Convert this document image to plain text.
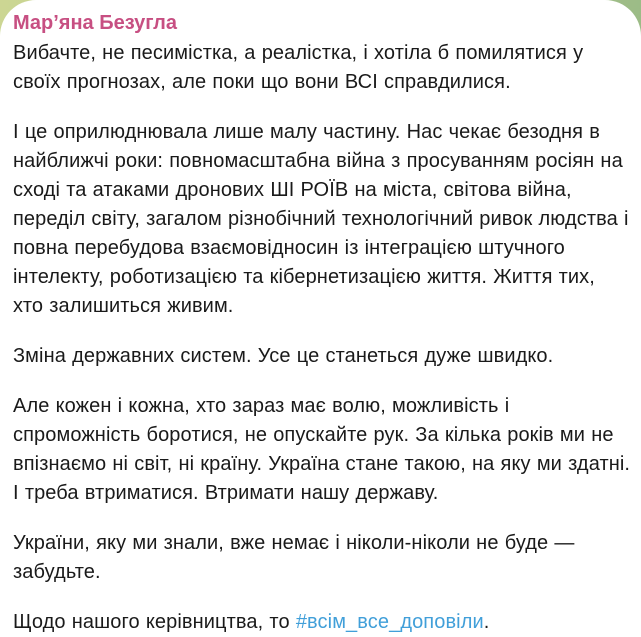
Мар’яна Безугла

Вибачте, не песимістка, а реалістка, і хотіла б помилятися у своїх прогнозах, але поки що вони ВСІ справдилися.

І це оприлюднювала лише малу частину. Нас чекає безодня в найближчі роки: повномасштабна війна з просуванням росіян на сході та атаками дронових ШІ РОЇВ на міста, світова війна, переділ світу, загалом різнобічний технологічний ривок людства і повна перебудова взаємовідносин із інтеграцією штучного інтелекту, роботизацією та кібернетизацією життя. Життя тих, хто залишиться живим.

Зміна державних систем. Усе це станеться дуже швидко.

Але кожен і кожна, хто зараз має волю, можливість і спроможність боротися, не опускайте рук. За кілька років ми не впізнаємо ні світ, ні країну. Україна стане такою, на яку ми здатні. І треба втриматися. Втримати нашу державу.

України, яку ми знали, вже немає і ніколи-ніколи не буде — забудьте.

Щодо нашого керівництва, то #всім_все_доповіли.
